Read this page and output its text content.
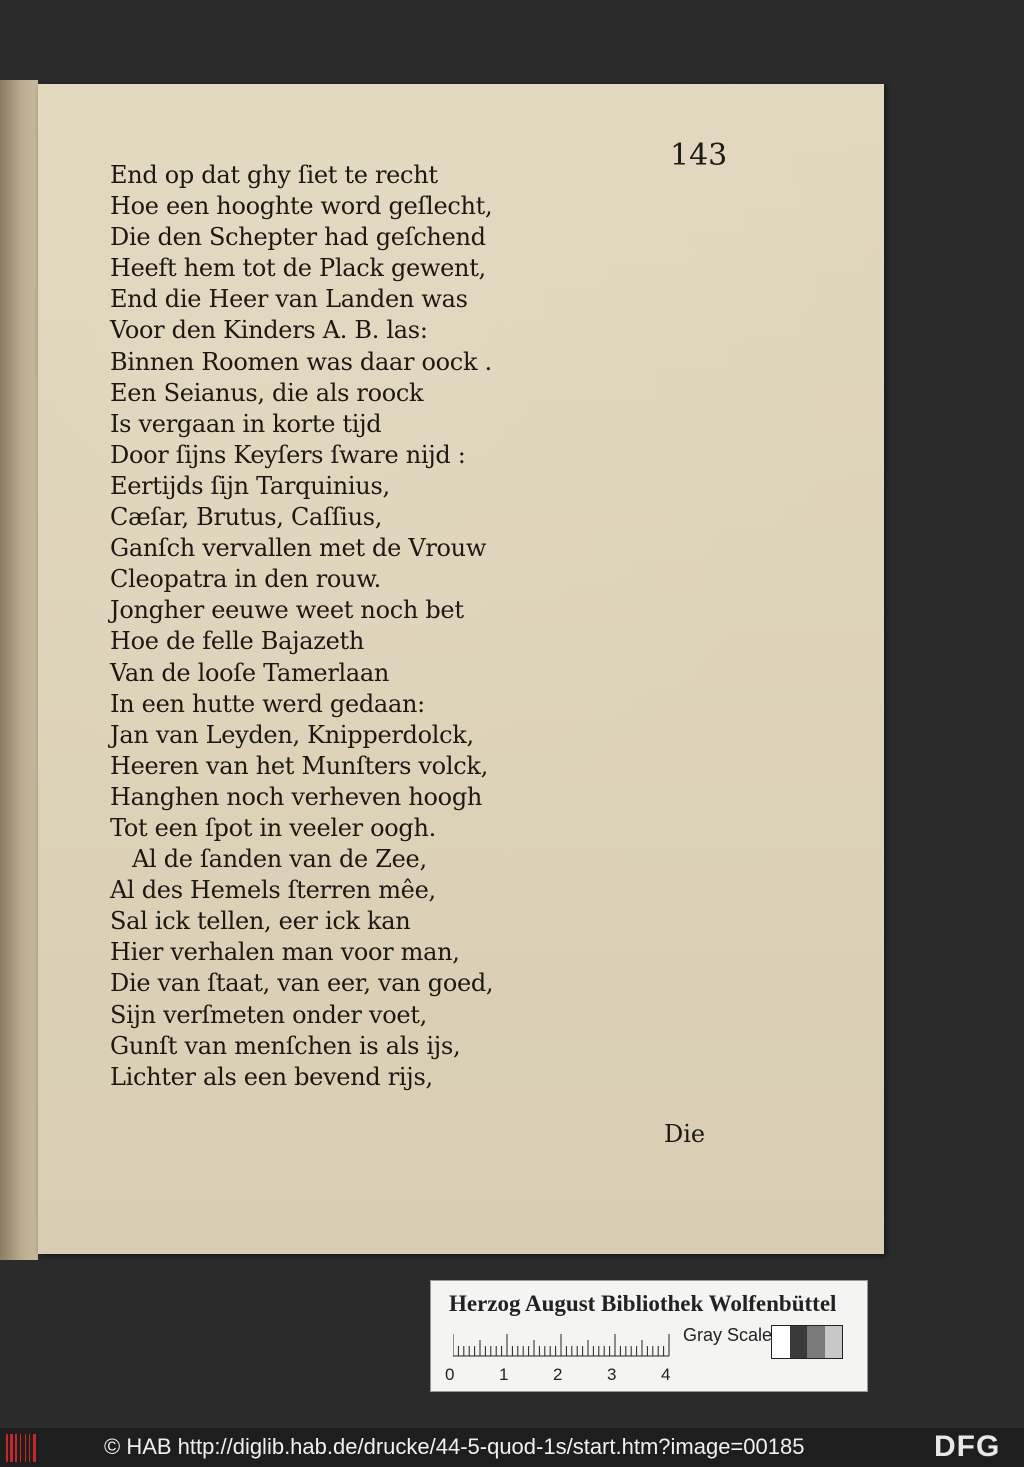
143
End op dat ghy ſiet te recht
Hoe een hooghte word geſlecht,
Die den Schepter had geſchend
Heeft hem tot de Plack gewent,
End die Heer van Landen was
Voor den Kinders A. B. las:
Binnen Roomen was daar oock .
Een Seianus, die als roock
Is vergaan in korte tijd
Door ſijns Keyſers ſware nijd :
Eertijds ſijn Tarquinius,
Cæſar, Brutus, Caſſius,
Ganſch vervallen met de Vrouw
Cleopatra in den rouw.
Jongher eeuwe weet noch bet
Hoe de felle Bajazeth
Van de looſe Tamerlaan
In een hutte werd gedaan:
Jan van Leyden, Knipperdolck,
Heeren van het Munſters volck,
Hanghen noch verheven hoogh
Tot een ſpot in veeler oogh.
Al de ſanden van de Zee,
Al des Hemels ſterren mêe,
Sal ick tellen, eer ick kan
Hier verhalen man voor man,
Die van ſtaat, van eer, van goed,
Sijn verſmeten onder voet,
Gunſt van menſchen is als ijs,
Lichter als een bevend rijs,
Die
Herzog August Bibliothek Wolfenbüttel
0	1	2	3	4
Gray Scale
© HAB http://diglib.hab.de/drucke/44-5-quod-1s/start.htm?image=00185	DFG
